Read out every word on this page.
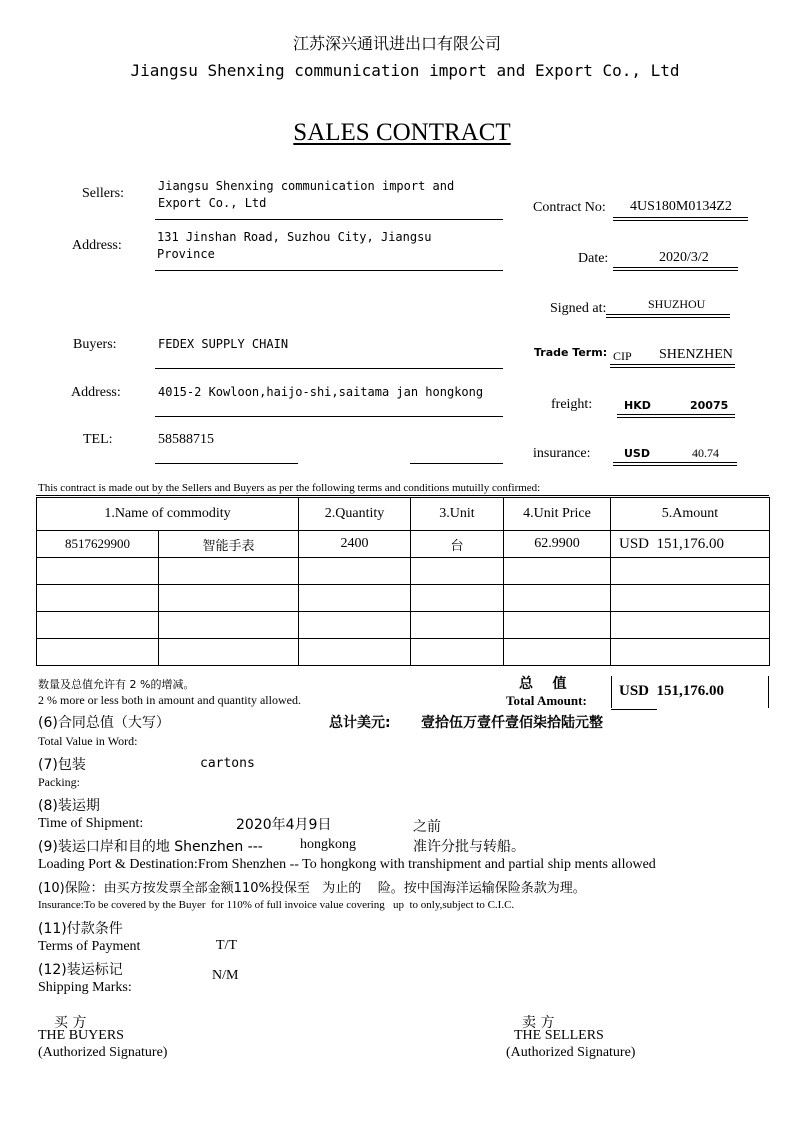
江苏深兴通讯进出口有限公司
Jiangsu Shenxing communication import and Export Co., Ltd
SALES CONTRACT
Sellers:	Jiangsu Shenxing communication import and Export Co., Ltd
Address:
131 Jinshan Road, Suzhou City, Jiangsu Province
Buyers:	FEDEX SUPPLY CHAIN
Address:	4015-2 Kowloon,haijo-shi,saitama jan hongkong
TEL:	58588715
Contract No: 4US180M0134Z2
Date:	2020/3/2
Signed at:	SHUZHOU
Trade Term: CIP SHENZHEN
freight:	HKD	20075
insurance:	USD	40.74
This contract is made out by the Sellers and Buyers as per the following terms and conditions mutuilly confirmed:
1.Name of commodity		2.Quantity	3.Unit	4.Unit Price	5.Amount
8517629900	智能手表	2400	台	62.9900	USD 151,176.00

数量及总值允许有 2 %的增减。
2 % more or less both in amount and quantity allowed.
总    值
Total Amount:
USD  151,176.00
(6)合同总值（大写）	总计美元: 壹拾伍万壹仟壹佰柒拾陆元整
Total Value in Word:
(7)包装	cartons
Packing:
(8)装运期
Time of Shipment:	2020年4月9日	之前
(9)装运口岸和目的地 Shenzhen ---	hongkong	准许分批与转船。
Loading Port & Destination:From Shenzhen -- To hongkong with transhipment and partial ship ments allowed
(10)保险：由买方按发票全部金额110%投保至   为止的    险。按中国海洋运输保险条款为理。
Insurance:To be covered by the Buyer  for 110% of full invoice value covering   up  to only,subject to C.I.C.
(11)付款条件
Terms of Payment	T/T
(12)装运标记
Shipping Marks:
N/M
买 方
THE BUYERS
(Authorized Signature)
卖 方
THE SELLERS
(Authorized Signature)
